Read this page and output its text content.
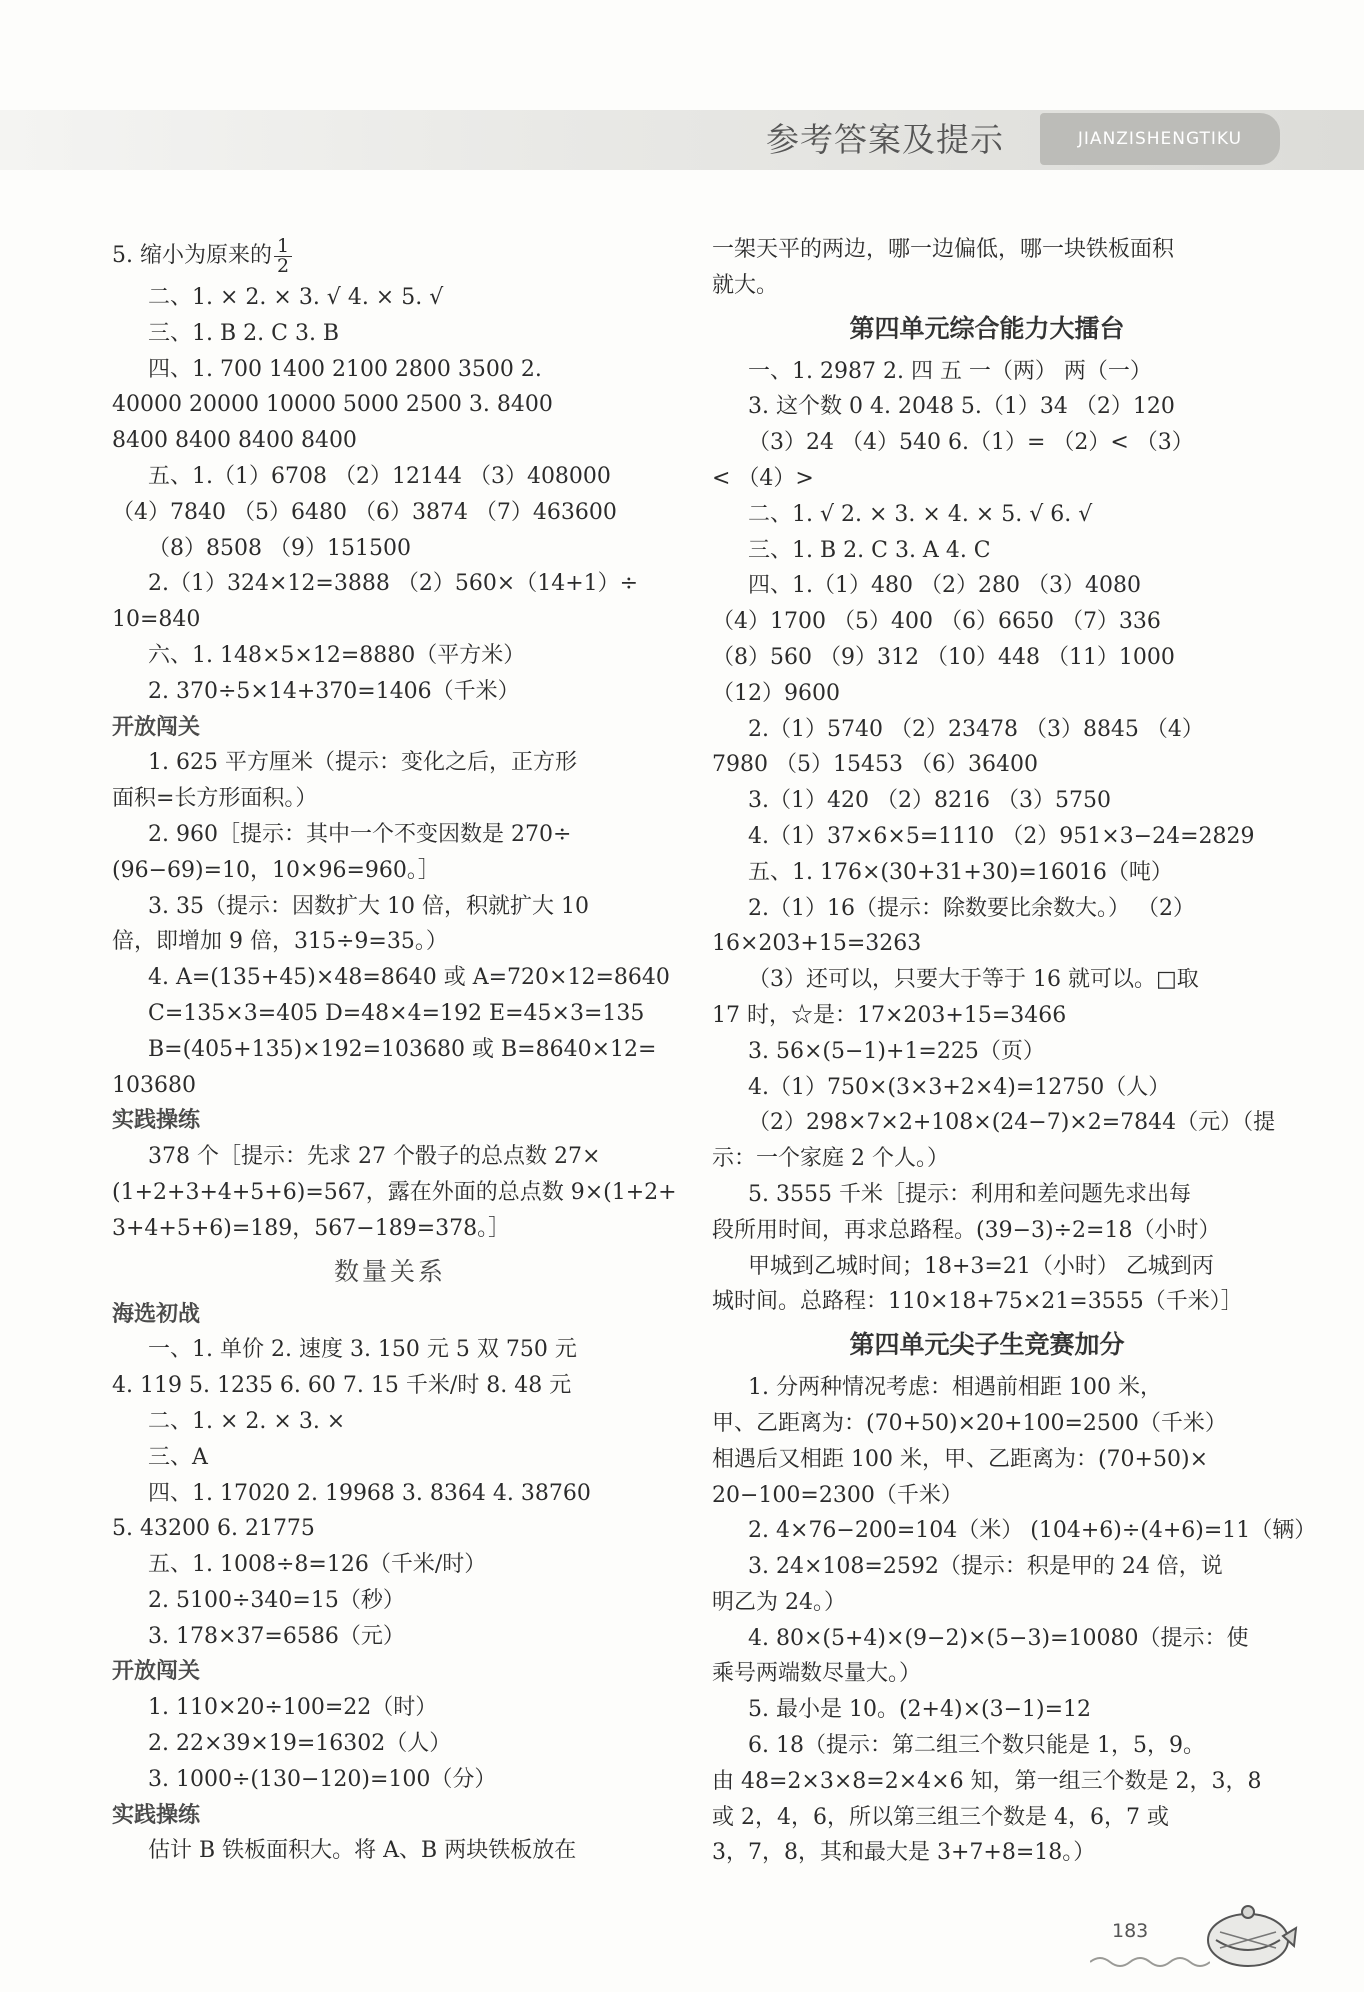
参考答案及提示	JIANZISHENGTIKU
5. 缩小为原来的 $\frac{1}{2}$
二、1. × 2. × 3. √ 4. × 5. √
三、1. B 2. C 3. B
四、1. 700 1400 2100 2800 3500 2.
40000 20000 10000 5000 2500 3. 8400
8400 8400 8400 8400
五、1.（1）6708 （2）12144 （3）408000
（4）7840 （5）6480 （6）3874 （7）463600
（8）8508 （9）151500
2.（1）324×12=3888 （2）560×（14+1）÷
10=840
六、1. 148×5×12=8880（平方米）
2. 370÷5×14+370=1406（千米）
开放闯关
1. 625 平方厘米（提示：变化之后，正方形
面积=长方形面积。）
2. 960［提示：其中一个不变因数是 270÷
(96−69)=10，10×96=960。］
3. 35（提示：因数扩大 10 倍，积就扩大 10
倍，即增加 9 倍，315÷9=35。）
4. A=(135+45)×48=8640 或 A=720×12=8640
C=135×3=405 D=48×4=192 E=45×3=135
B=(405+135)×192=103680 或 B=8640×12=
103680
实践操练
378 个［提示：先求 27 个骰子的总点数 27×
(1+2+3+4+5+6)=567，露在外面的总点数 9×(1+2+
3+4+5+6)=189，567−189=378。］
数量关系
海选初战
一、1. 单价 2. 速度 3. 150 元 5 双 750 元
4. 119 5. 1235 6. 60 7. 15 千米/时 8. 48 元
二、1. × 2. × 3. ×
三、A
四、1. 17020 2. 19968 3. 8364 4. 38760
5. 43200 6. 21775
五、1. 1008÷8=126（千米/时）
2. 5100÷340=15（秒）
3. 178×37=6586（元）
开放闯关
1. 110×20÷100=22（时）
2. 22×39×19=16302（人）
3. 1000÷(130−120)=100（分）
实践操练
估计 B 铁板面积大。将 A、B 两块铁板放在
一架天平的两边，哪一边偏低，哪一块铁板面积
就大。
第四单元综合能力大擂台
一、1. 2987 2. 四 五 一（两） 两（一）
3. 这个数 0 4. 2048 5.（1）34 （2）120
（3）24 （4）540 6.（1）= （2）< （3）
< （4）>
二、1. √ 2. × 3. × 4. × 5. √ 6. √
三、1. B 2. C 3. A 4. C
四、1.（1）480 （2）280 （3）4080
（4）1700 （5）400 （6）6650 （7）336
（8）560 （9）312 （10）448 （11）1000
（12）9600
2.（1）5740 （2）23478 （3）8845 （4）
7980 （5）15453 （6）36400
3.（1）420 （2）8216 （3）5750
4.（1）37×6×5=1110 （2）951×3−24=2829
五、1. 176×(30+31+30)=16016（吨）
2.（1）16（提示：除数要比余数大。） （2）
16×203+15=3263
（3）还可以，只要大于等于 16 就可以。□取
17 时，☆是：17×203+15=3466
3. 56×(5−1)+1=225（页）
4.（1）750×(3×3+2×4)=12750（人）
（2）298×7×2+108×(24−7)×2=7844（元）（提
示：一个家庭 2 个人。）
5. 3555 千米［提示：利用和差问题先求出每
段所用时间，再求总路程。(39−3)÷2=18（小时）
甲城到乙城时间；18+3=21（小时） 乙城到丙
城时间。总路程：110×18+75×21=3555（千米）］
第四单元尖子生竞赛加分
1. 分两种情况考虑：相遇前相距 100 米，
甲、乙距离为：(70+50)×20+100=2500（千米）
相遇后又相距 100 米，甲、乙距离为：(70+50)×
20−100=2300（千米）
2. 4×76−200=104（米） (104+6)÷(4+6)=11（辆）
3. 24×108=2592（提示：积是甲的 24 倍，说
明乙为 24。）
4. 80×(5+4)×(9−2)×(5−3)=10080（提示：使
乘号两端数尽量大。）
5. 最小是 10。(2+4)×(3−1)=12
6. 18（提示：第二组三个数只能是 1，5，9。
由 48=2×3×8=2×4×6 知，第一组三个数是 2，3，8
或 2，4，6，所以第三组三个数是 4，6，7 或
3，7，8，其和最大是 3+7+8=18。）
183
